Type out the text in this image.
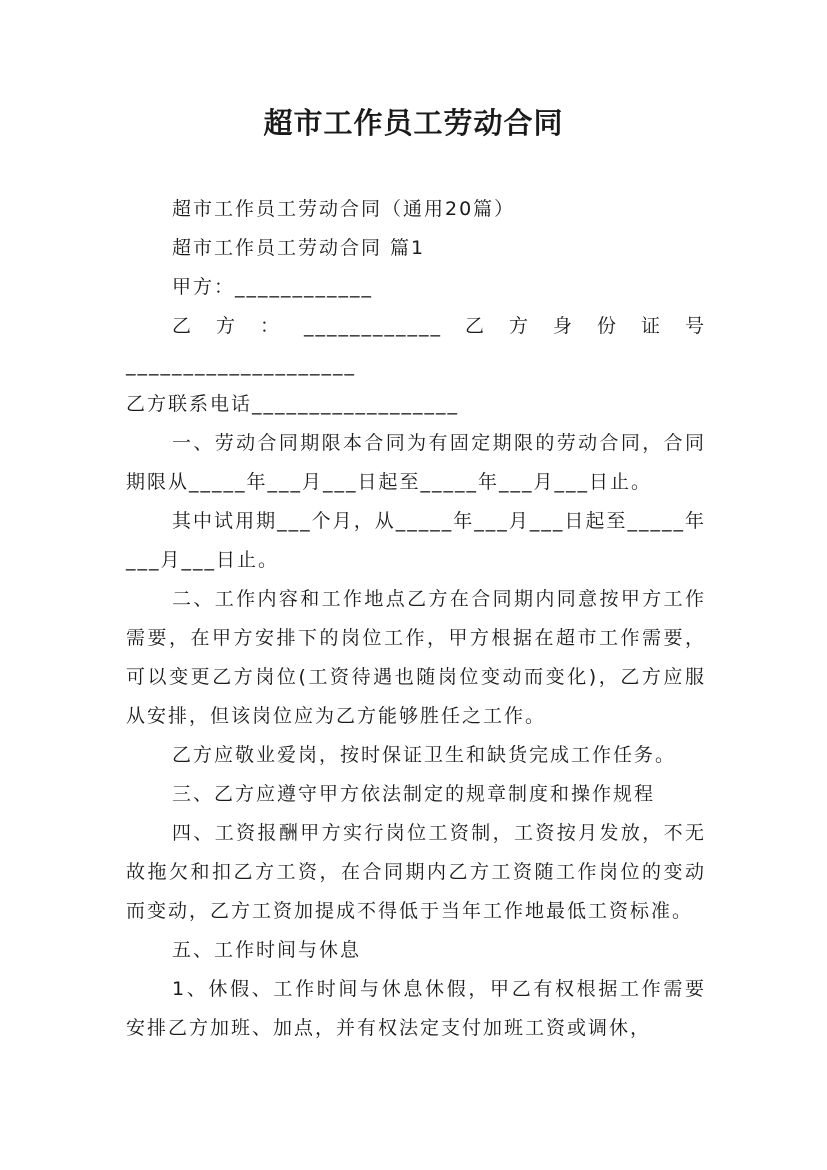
超市工作员工劳动合同

超市工作员工劳动合同（通用20篇）

超市工作员工劳动合同 篇1

甲方：____________

乙方：____________乙方身份证号____________________

乙方联系电话__________________

一、劳动合同期限本合同为有固定期限的劳动合同，合同期限从_____年___月___日起至_____年___月___日止。

其中试用期___个月，从_____年___月___日起至_____年___月___日止。

二、工作内容和工作地点乙方在合同期内同意按甲方工作需要，在甲方安排下的岗位工作，甲方根据在超市工作需要，可以变更乙方岗位(工资待遇也随岗位变动而变化)，乙方应服从安排，但该岗位应为乙方能够胜任之工作。

乙方应敬业爱岗，按时保证卫生和缺货完成工作任务。

三、乙方应遵守甲方依法制定的规章制度和操作规程

四、工资报酬甲方实行岗位工资制，工资按月发放，不无故拖欠和扣乙方工资，在合同期内乙方工资随工作岗位的变动而变动，乙方工资加提成不得低于当年工作地最低工资标准。

五、工作时间与休息

1、休假、工作时间与休息休假，甲乙有权根据工作需要安排乙方加班、加点，并有权法定支付加班工资或调休，
